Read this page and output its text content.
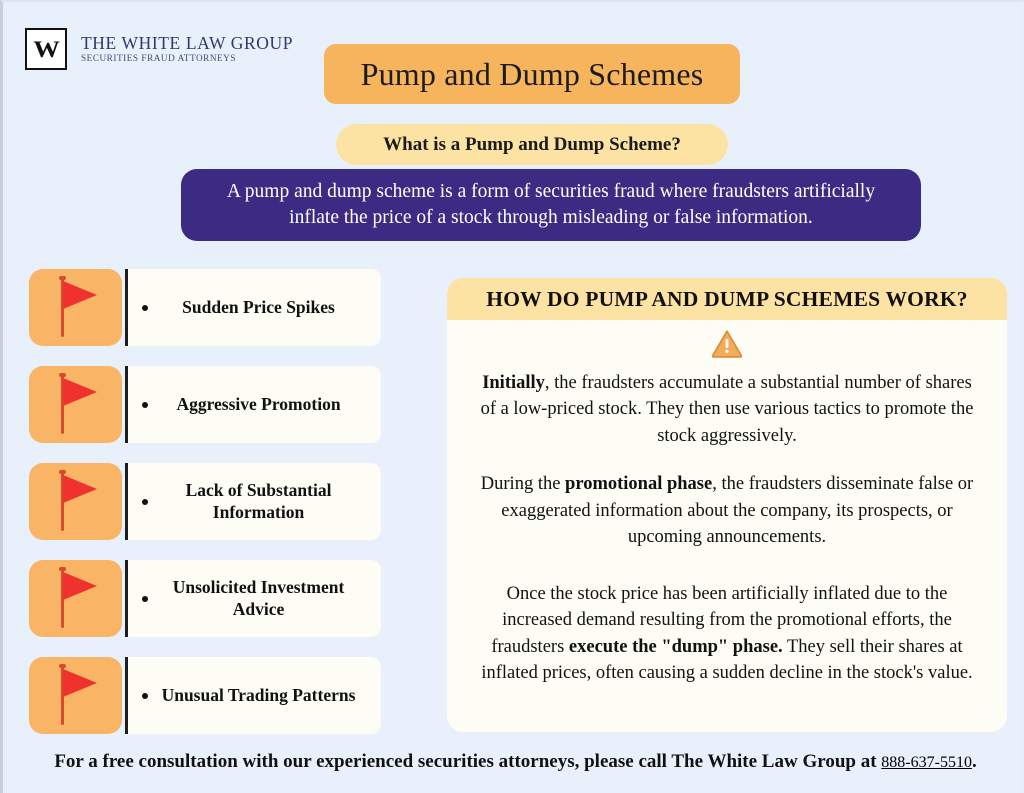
W THE WHITE LAW GROUP
SECURITIES FRAUD ATTORNEYS	Pump and Dump Schemes
What is a Pump and Dump Scheme?

A pump and dump scheme is a form of securities fraud where fraudsters artificially inflate the price of a stock through misleading or false information.

Sudden Price Spikes
Aggressive Promotion
Lack of Substantial Information
Unsolicited Investment Advice
Unusual Trading Patterns
HOW DO PUMP AND DUMP SCHEMES WORK?

Initially, the fraudsters accumulate a substantial number of shares of a low-priced stock. They then use various tactics to promote the stock aggressively.

During the promotional phase, the fraudsters disseminate false or exaggerated information about the company, its prospects, or upcoming announcements.

Once the stock price has been artificially inflated due to the increased demand resulting from the promotional efforts, the fraudsters execute the "dump" phase. They sell their shares at inflated prices, often causing a sudden decline in the stock's value.

For a free consultation with our experienced securities attorneys, please call The White Law Group at 888-637-5510.
